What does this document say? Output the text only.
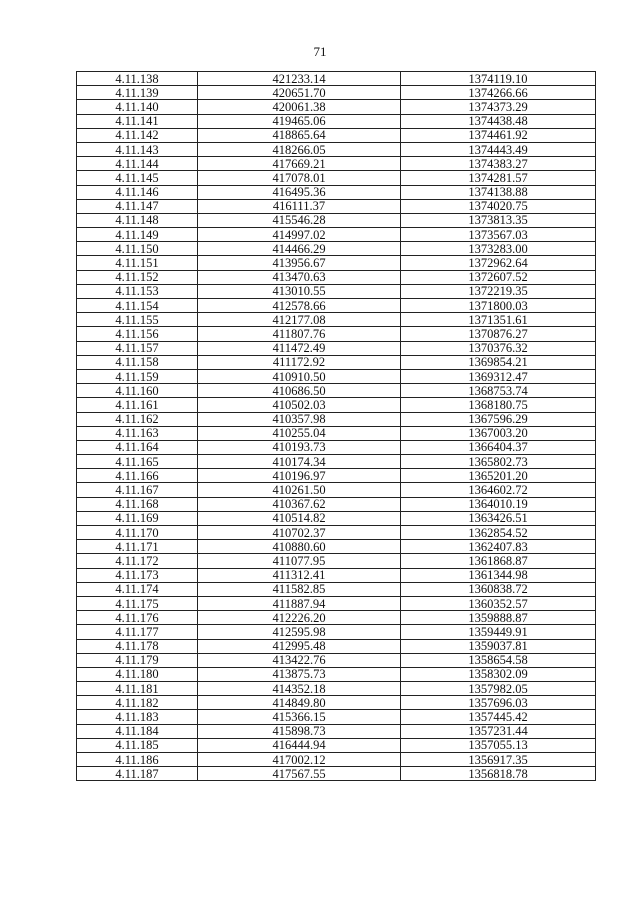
71
4.11.138	421233.14	1374119.10
4.11.139	420651.70	1374266.66
4.11.140	420061.38	1374373.29
4.11.141	419465.06	1374438.48
4.11.142	418865.64	1374461.92
4.11.143	418266.05	1374443.49
4.11.144	417669.21	1374383.27
4.11.145	417078.01	1374281.57
4.11.146	416495.36	1374138.88
4.11.147	416111.37	1374020.75
4.11.148	415546.28	1373813.35
4.11.149	414997.02	1373567.03
4.11.150	414466.29	1373283.00
4.11.151	413956.67	1372962.64
4.11.152	413470.63	1372607.52
4.11.153	413010.55	1372219.35
4.11.154	412578.66	1371800.03
4.11.155	412177.08	1371351.61
4.11.156	411807.76	1370876.27
4.11.157	411472.49	1370376.32
4.11.158	411172.92	1369854.21
4.11.159	410910.50	1369312.47
4.11.160	410686.50	1368753.74
4.11.161	410502.03	1368180.75
4.11.162	410357.98	1367596.29
4.11.163	410255.04	1367003.20
4.11.164	410193.73	1366404.37
4.11.165	410174.34	1365802.73
4.11.166	410196.97	1365201.20
4.11.167	410261.50	1364602.72
4.11.168	410367.62	1364010.19
4.11.169	410514.82	1363426.51
4.11.170	410702.37	1362854.52
4.11.171	410880.60	1362407.83
4.11.172	411077.95	1361868.87
4.11.173	411312.41	1361344.98
4.11.174	411582.85	1360838.72
4.11.175	411887.94	1360352.57
4.11.176	412226.20	1359888.87
4.11.177	412595.98	1359449.91
4.11.178	412995.48	1359037.81
4.11.179	413422.76	1358654.58
4.11.180	413875.73	1358302.09
4.11.181	414352.18	1357982.05
4.11.182	414849.80	1357696.03
4.11.183	415366.15	1357445.42
4.11.184	415898.73	1357231.44
4.11.185	416444.94	1357055.13
4.11.186	417002.12	1356917.35
4.11.187	417567.55	1356818.78
